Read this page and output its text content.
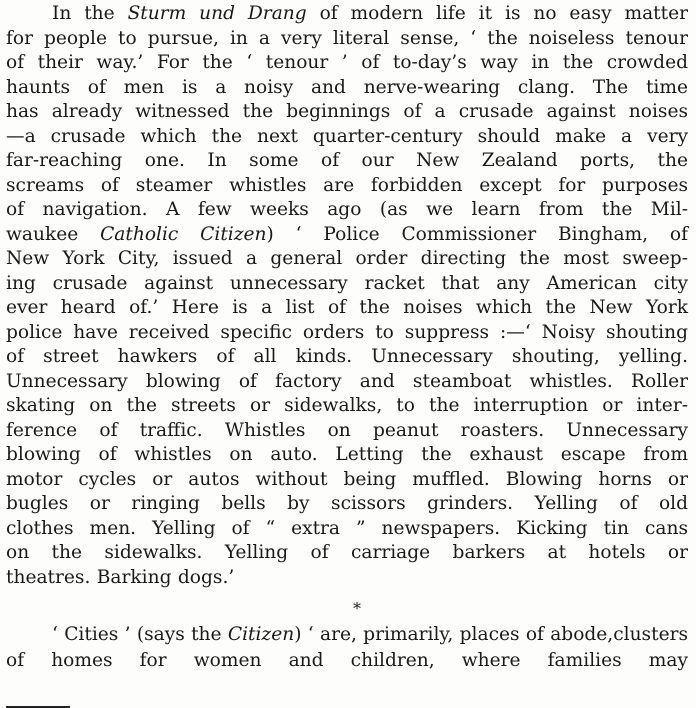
In the Sturm und Drang of modern life it is no easy matter
for people to pursue, in a very literal sense, ‘ the noiseless tenour
of their way.’ For the ‘ tenour ’ of to-day’s way in the crowded
haunts of men is a noisy and nerve-wearing clang. The time
has already witnessed the beginnings of a crusade against noises
—a crusade which the next quarter-century should make a very
far-reaching one. In some of our New Zealand ports, the
screams of steamer whistles are forbidden except for purposes
of navigation. A few weeks ago (as we learn from the Mil-
waukee Catholic Citizen) ‘ Police Commissioner Bingham, of
New York City, issued a general order directing the most sweep-
ing crusade against unnecessary racket that any American city
ever heard of.’ Here is a list of the noises which the New York
police have received specific orders to suppress :—‘ Noisy shouting
of street hawkers of all kinds. Unnecessary shouting, yelling.
Unnecessary blowing of factory and steamboat whistles. Roller
skating on the streets or sidewalks, to the interruption or inter-
ference of traffic. Whistles on peanut roasters. Unnecessary
blowing of whistles on auto. Letting the exhaust escape from
motor cycles or autos without being muffled. Blowing horns or
bugles or ringing bells by scissors grinders. Yelling of old
clothes men. Yelling of “ extra ” newspapers. Kicking tin cans
on the sidewalks. Yelling of carriage barkers at hotels or
theatres. Barking dogs.’
*
‘ Cities ’ (says the Citizen) ‘ are, primarily, places of abode,clusters of homes for women and children, where families may
